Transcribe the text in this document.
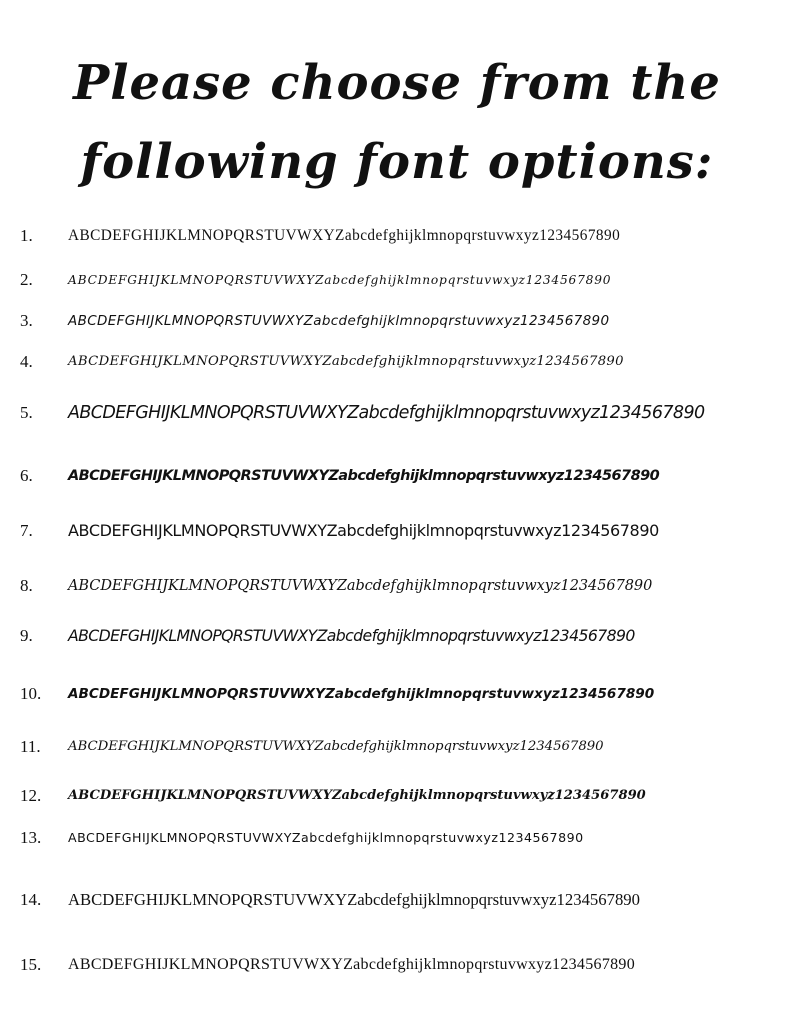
Please choose from the
following font options:
1. ABCDEFGHIJKLMNOPQRSTUVWXYZabcdefghijklmnopqrstuvwxyz1234567890
2.	ABCDEFGHIJKLMNOPQRSTUVWXYZabcdefghijklmnopqrstuvwxyz1234567890
3.	ABCDEFGHIJKLMNOPQRSTUVWXYZabcdefghijklmnopqrstuvwxyz1234567890
4.	ABCDEFGHIJKLMNOPQRSTUVWXYZabcdefghijklmnopqrstuvwxyz1234567890
5. ABCDEFGHIJKLMNOPQRSTUVWXYZabcdefghijklmnopqrstuvwxyz1234567890
6. ABCDEFGHIJKLMNOPQRSTUVWXYZabcdefghijklmnopqrstuvwxyz1234567890
7. ABCDEFGHIJKLMNOPQRSTUVWXYZabcdefghijklmnopqrstuvwxyz1234567890
8. ABCDEFGHIJKLMNOPQRSTUVWXYZabcdefghijklmnopqrstuvwxyz1234567890
9. ABCDEFGHIJKLMNOPQRSTUVWXYZabcdefghijklmnopqrstuvwxyz1234567890
10. ABCDEFGHIJKLMNOPQRSTUVWXYZabcdefghijklmnopqrstuvwxyz1234567890
11. ABCDEFGHIJKLMNOPQRSTUVWXYZabcdefghijklmnopqrstuvwxyz1234567890
12. ABCDEFGHIJKLMNOPQRSTUVWXYZabcdefghijklmnopqrstuvwxyz1234567890
13. ABCDEFGHIJKLMNOPQRSTUVWXYZabcdefghijklmnopqrstuvwxyz1234567890
14. ABCDEFGHIJKLMNOPQRSTUVWXYZabcdefghijklmnopqrstuvwxyz1234567890
15. ABCDEFGHIJKLMNOPQRSTUVWXYZabcdefghijklmnopqrstuvwxyz1234567890
